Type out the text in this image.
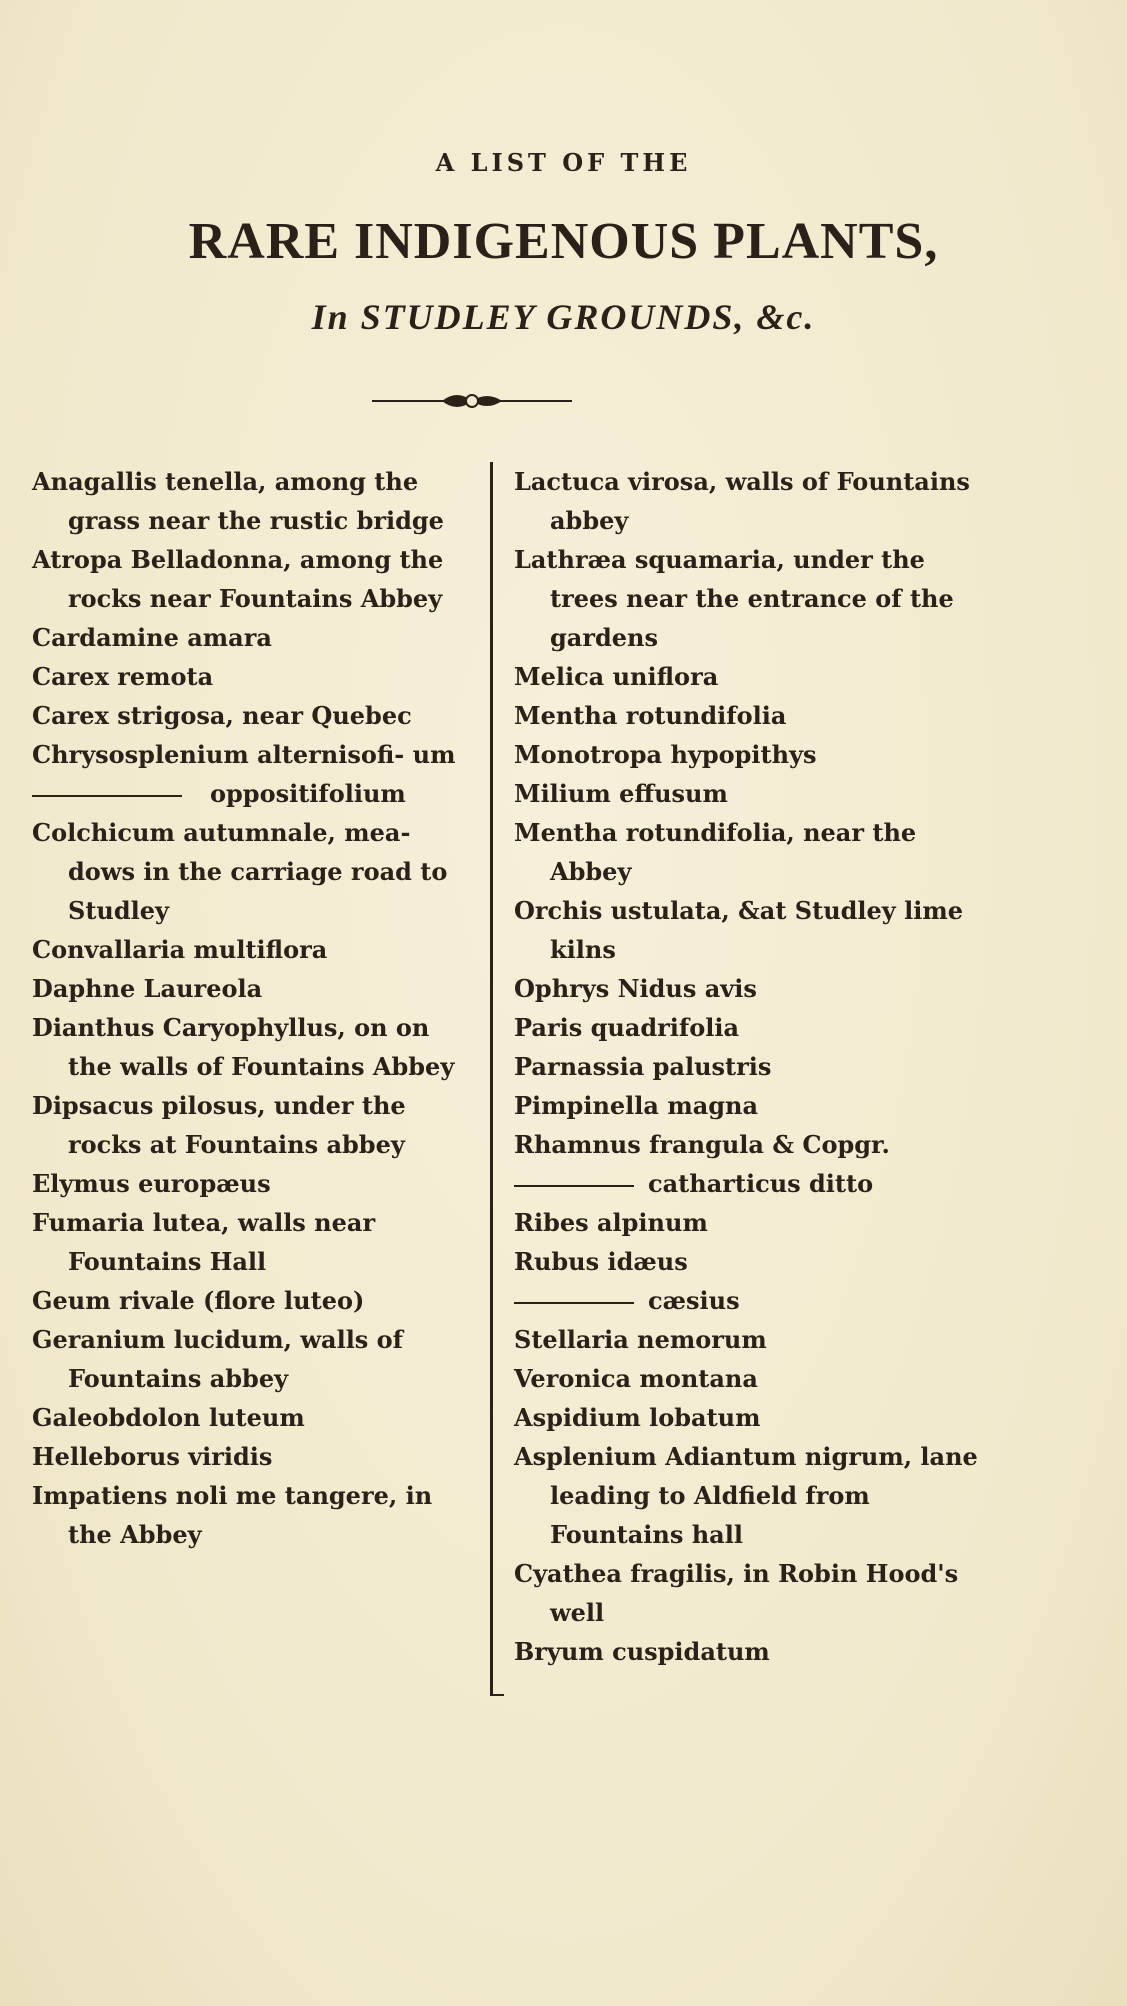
A LIST OF THE
RARE INDIGENOUS PLANTS,
In STUDLEY GROUNDS, &c.

Anagallis tenella, among the grass near the rustic bridge

Atropa Belladonna, among the rocks near Fountains Abbey

Cardamine amara

Carex remota

Carex strigosa, near Quebec

Chrysosplenium alternisofi- um

oppositifolium

Colchicum autumnale, mea- dows in the carriage road to Studley

Convallaria multiflora

Daphne Laureola

Dianthus Caryophyllus, on on the walls of Fountains Abbey

Dipsacus pilosus, under the rocks at Fountains abbey

Elymus europæus

Fumaria lutea, walls near Fountains Hall

Geum rivale (flore luteo)

Geranium lucidum, walls of Fountains abbey

Galeobdolon luteum

Helleborus viridis

Impatiens noli me tangere, in the Abbey

Lactuca virosa, walls of Fountains abbey

Lathræa squamaria, under the trees near the entrance of the gardens

Melica uniflora

Mentha rotundifolia

Monotropa hypopithys

Milium effusum

Mentha rotundifolia, near the Abbey

Orchis ustulata, &at Studley lime kilns

Ophrys Nidus avis

Paris quadrifolia

Parnassia palustris

Pimpinella magna

Rhamnus frangula & Copgr.

catharticus ditto

Ribes alpinum

Rubus idæus

cæsius

Stellaria nemorum

Veronica montana

Aspidium lobatum

Asplenium Adiantum nigrum, lane leading to Aldfield from Fountains hall

Cyathea fragilis, in Robin Hood's well

Bryum cuspidatum
